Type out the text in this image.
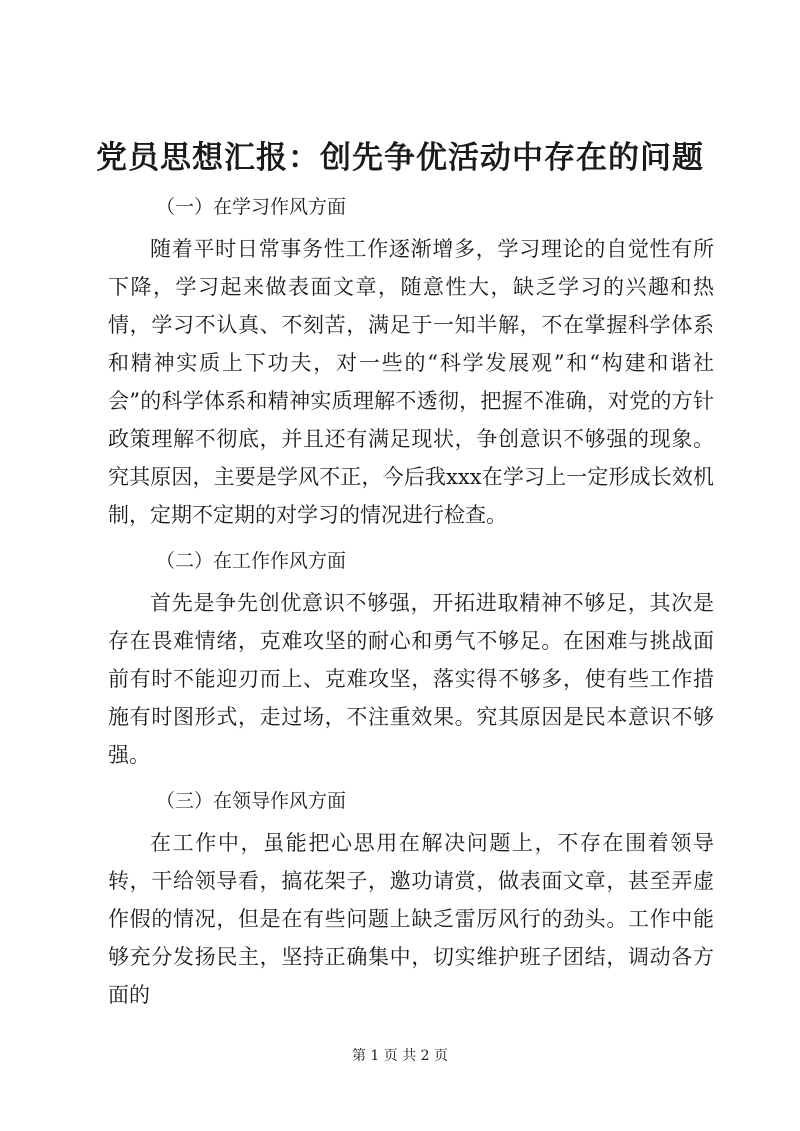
党员思想汇报：创先争优活动中存在的问题

（一）在学习作风方面

随着平时日常事务性工作逐渐增多，学习理论的自觉性有所下降，学习起来做表面文章，随意性大，缺乏学习的兴趣和热情，学习不认真、不刻苦，满足于一知半解，不在掌握科学体系和精神实质上下功夫，对一些的“科学发展观”和“构建和谐社会”的科学体系和精神实质理解不透彻，把握不准确，对党的方针政策理解不彻底，并且还有满足现状，争创意识不够强的现象。究其原因，主要是学风不正，今后我xxx在学习上一定形成长效机制，定期不定期的对学习的情况进行检查。

（二）在工作作风方面

首先是争先创优意识不够强，开拓进取精神不够足，其次是存在畏难情绪，克难攻坚的耐心和勇气不够足。在困难与挑战面前有时不能迎刃而上、克难攻坚，落实得不够多，使有些工作措施有时图形式，走过场，不注重效果。究其原因是民本意识不够强。

（三）在领导作风方面

在工作中，虽能把心思用在解决问题上，不存在围着领导转，干给领导看，搞花架子，邀功请赏，做表面文章，甚至弄虚作假的情况，但是在有些问题上缺乏雷厉风行的劲头。工作中能够充分发扬民主，坚持正确集中，切实维护班子团结，调动各方面的

第 1 页 共 2 页
